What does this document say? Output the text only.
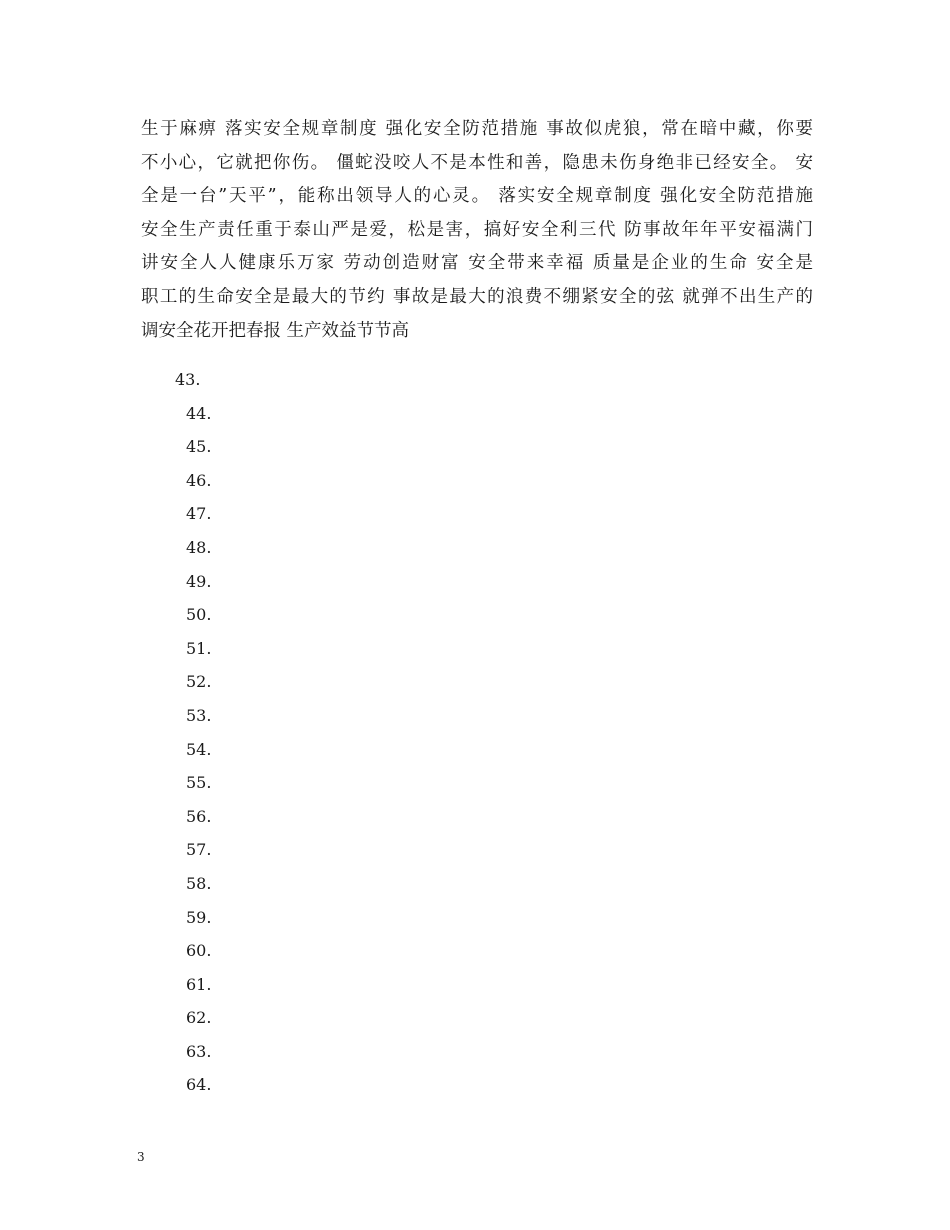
生于麻痹 落实安全规章制度 强化安全防范措施 事故似虎狼，常在暗中藏，你要
不小心，它就把你伤。 僵蛇没咬人不是本性和善，隐患未伤身绝非已经安全。 安
全是一台”天平”，能称出领导人的心灵。 落实安全规章制度 强化安全防范措施
安全生产责任重于泰山严是爱，松是害，搞好安全利三代 防事故年年平安福满门
讲安全人人健康乐万家 劳动创造财富 安全带来幸福 质量是企业的生命 安全是
职工的生命安全是最大的节约 事故是最大的浪费不绷紧安全的弦 就弹不出生产的
调安全花开把春报 生产效益节节高
43.
44.
45.
46.
47.
48.
49.
50.
51.
52.
53.
54.
55.
56.
57.
58.
59.
60.
61.
62.
63.
64.
3
